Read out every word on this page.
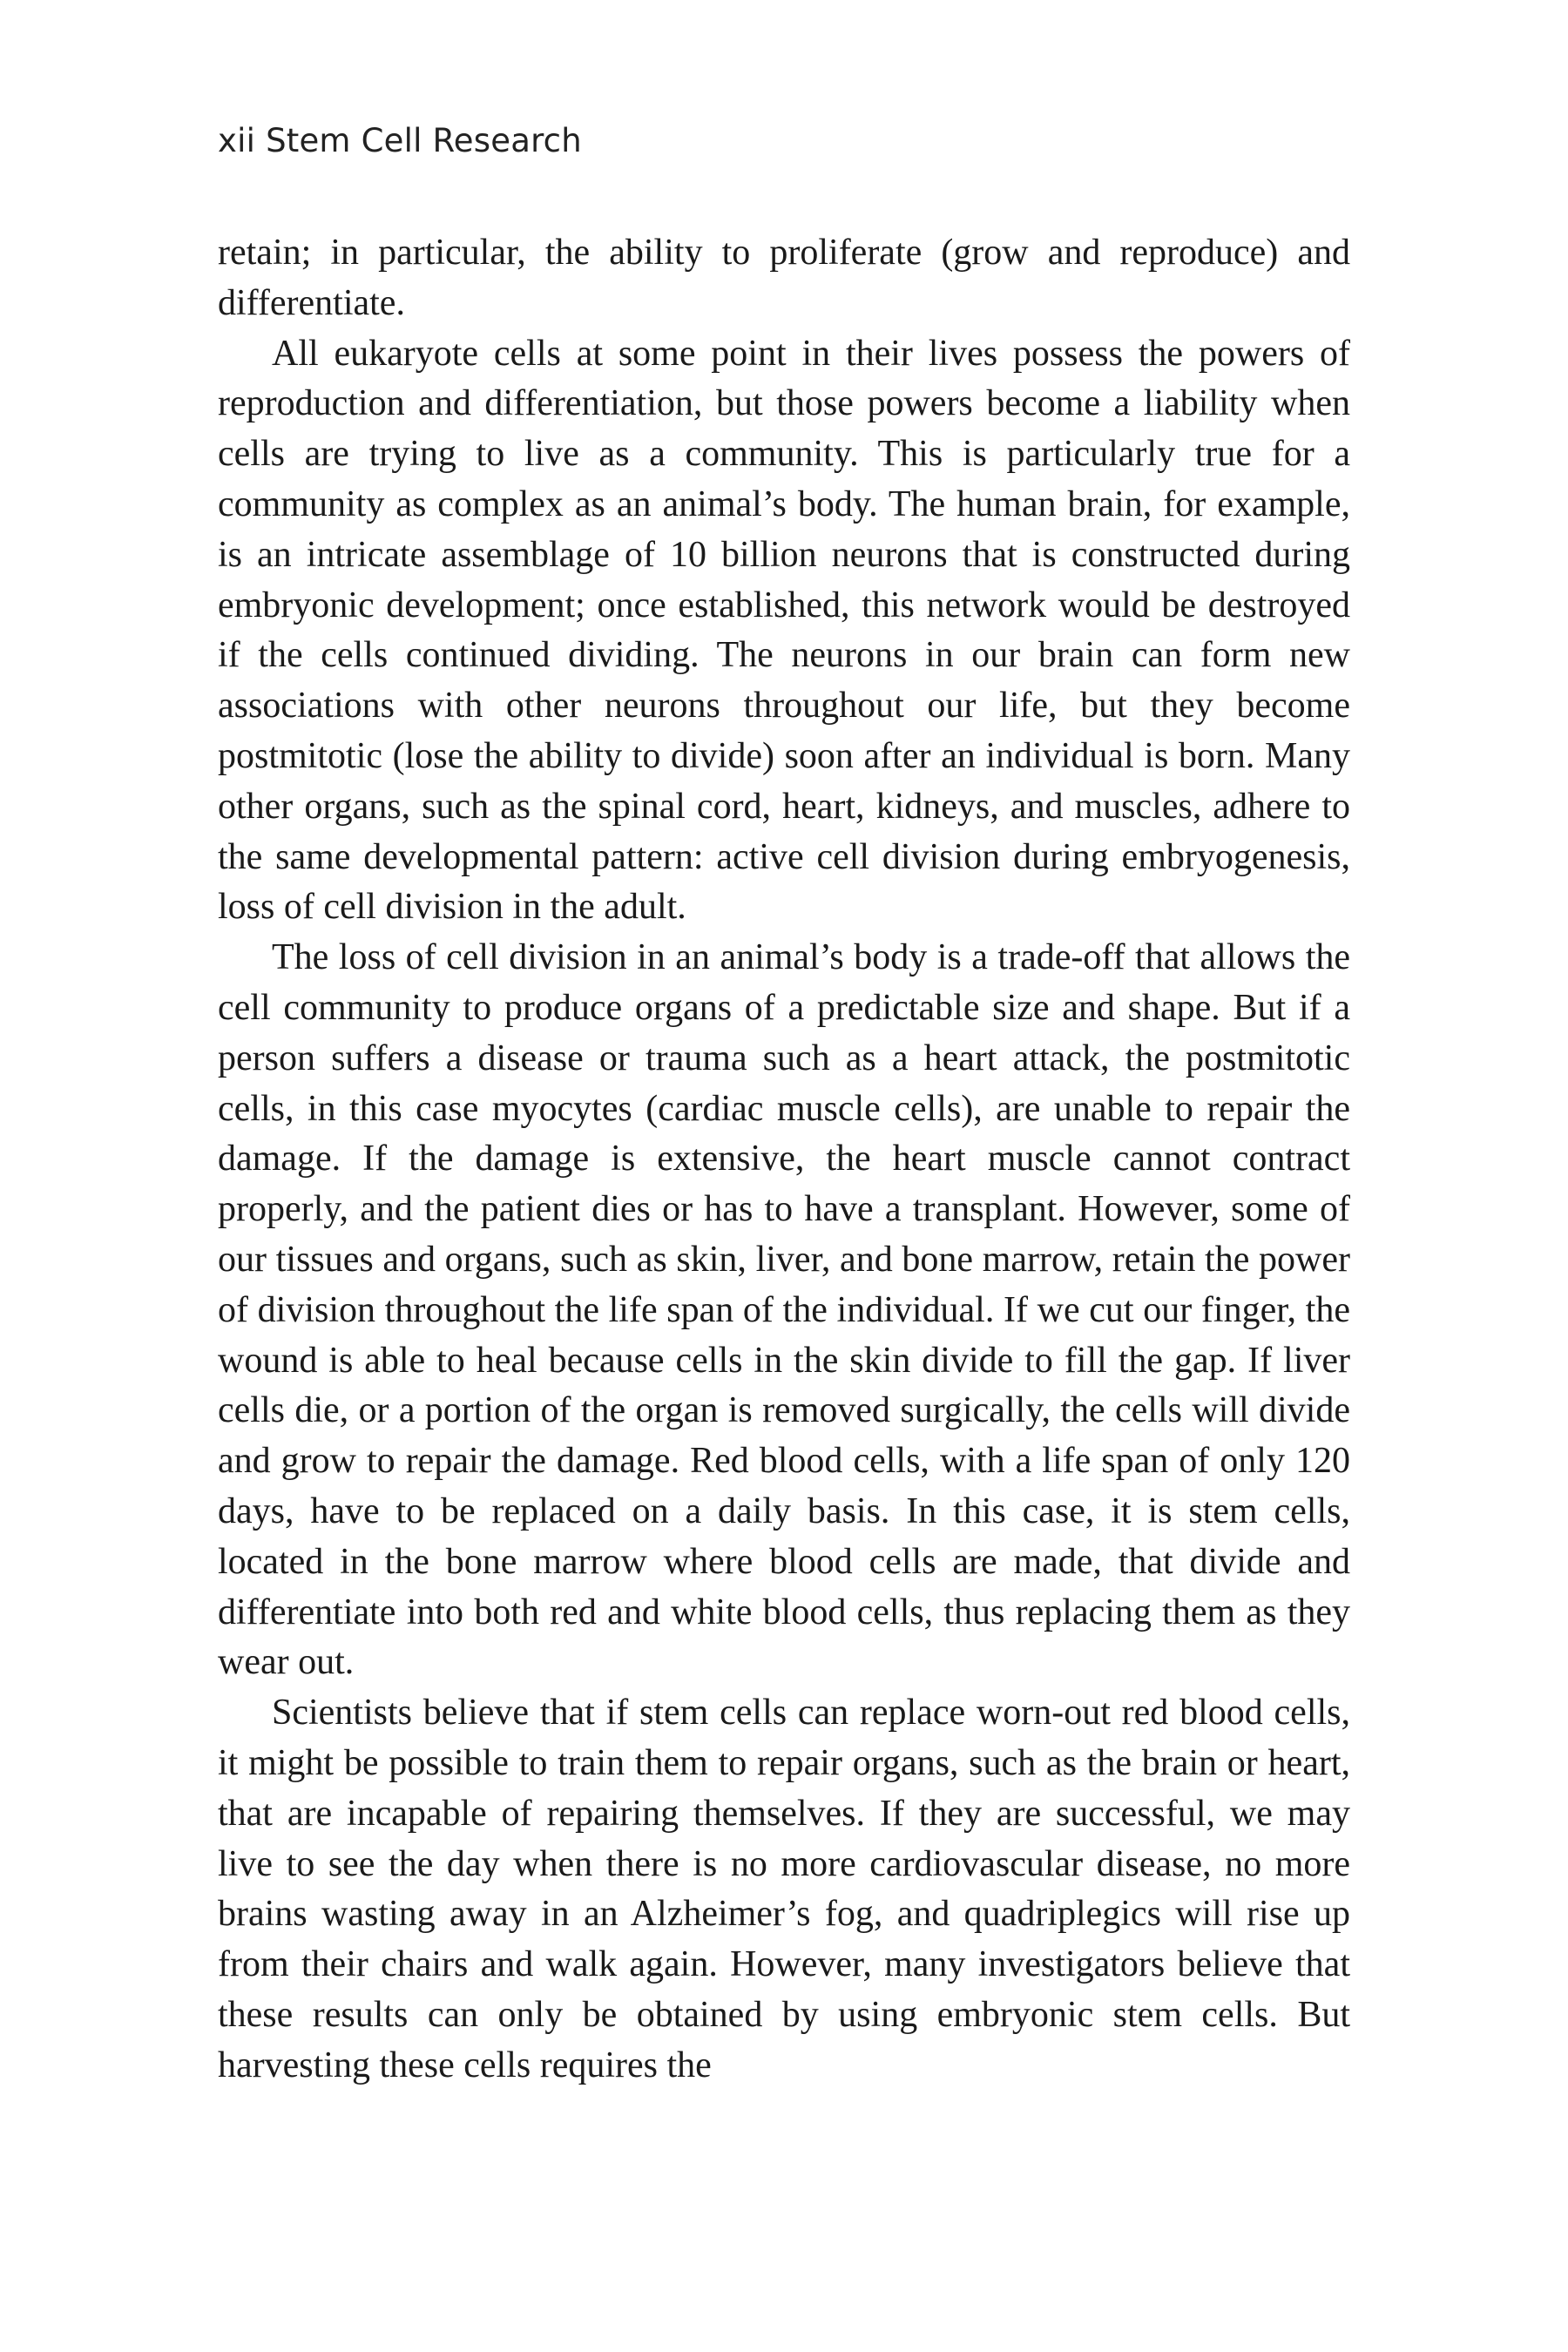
xii Stem Cell Research

retain; in particular, the ability to proliferate (grow and reproduce) and differentiate.

All eukaryote cells at some point in their lives possess the powers of reproduction and differentiation, but those powers become a liability when cells are trying to live as a community. This is particularly true for a community as complex as an animal’s body. The human brain, for example, is an intricate assemblage of 10 billion neurons that is constructed during embryonic development; once established, this network would be destroyed if the cells continued dividing. The neurons in our brain can form new associations with other neurons throughout our life, but they become postmitotic (lose the ability to divide) soon after an individual is born. Many other organs, such as the spinal cord, heart, kidneys, and muscles, adhere to the same developmental pattern: active cell division during embryogenesis, loss of cell division in the adult.

The loss of cell division in an animal’s body is a trade-off that allows the cell community to produce organs of a predictable size and shape. But if a person suffers a disease or trauma such as a heart attack, the postmitotic cells, in this case myocytes (cardiac muscle cells), are unable to repair the damage. If the damage is extensive, the heart muscle cannot contract properly, and the patient dies or has to have a transplant. However, some of our tissues and organs, such as skin, liver, and bone marrow, retain the power of division throughout the life span of the individual. If we cut our finger, the wound is able to heal because cells in the skin divide to fill the gap. If liver cells die, or a portion of the organ is removed surgically, the cells will divide and grow to repair the damage. Red blood cells, with a life span of only 120 days, have to be replaced on a daily basis. In this case, it is stem cells, located in the bone marrow where blood cells are made, that divide and differentiate into both red and white blood cells, thus replacing them as they wear out.

Scientists believe that if stem cells can replace worn-out red blood cells, it might be possible to train them to repair organs, such as the brain or heart, that are incapable of repairing themselves. If they are successful, we may live to see the day when there is no more cardiovascular disease, no more brains wasting away in an Alzheimer’s fog, and quadriplegics will rise up from their chairs and walk again. However, many investigators believe that these results can only be obtained by using embryonic stem cells. But harvesting these cells requires the
